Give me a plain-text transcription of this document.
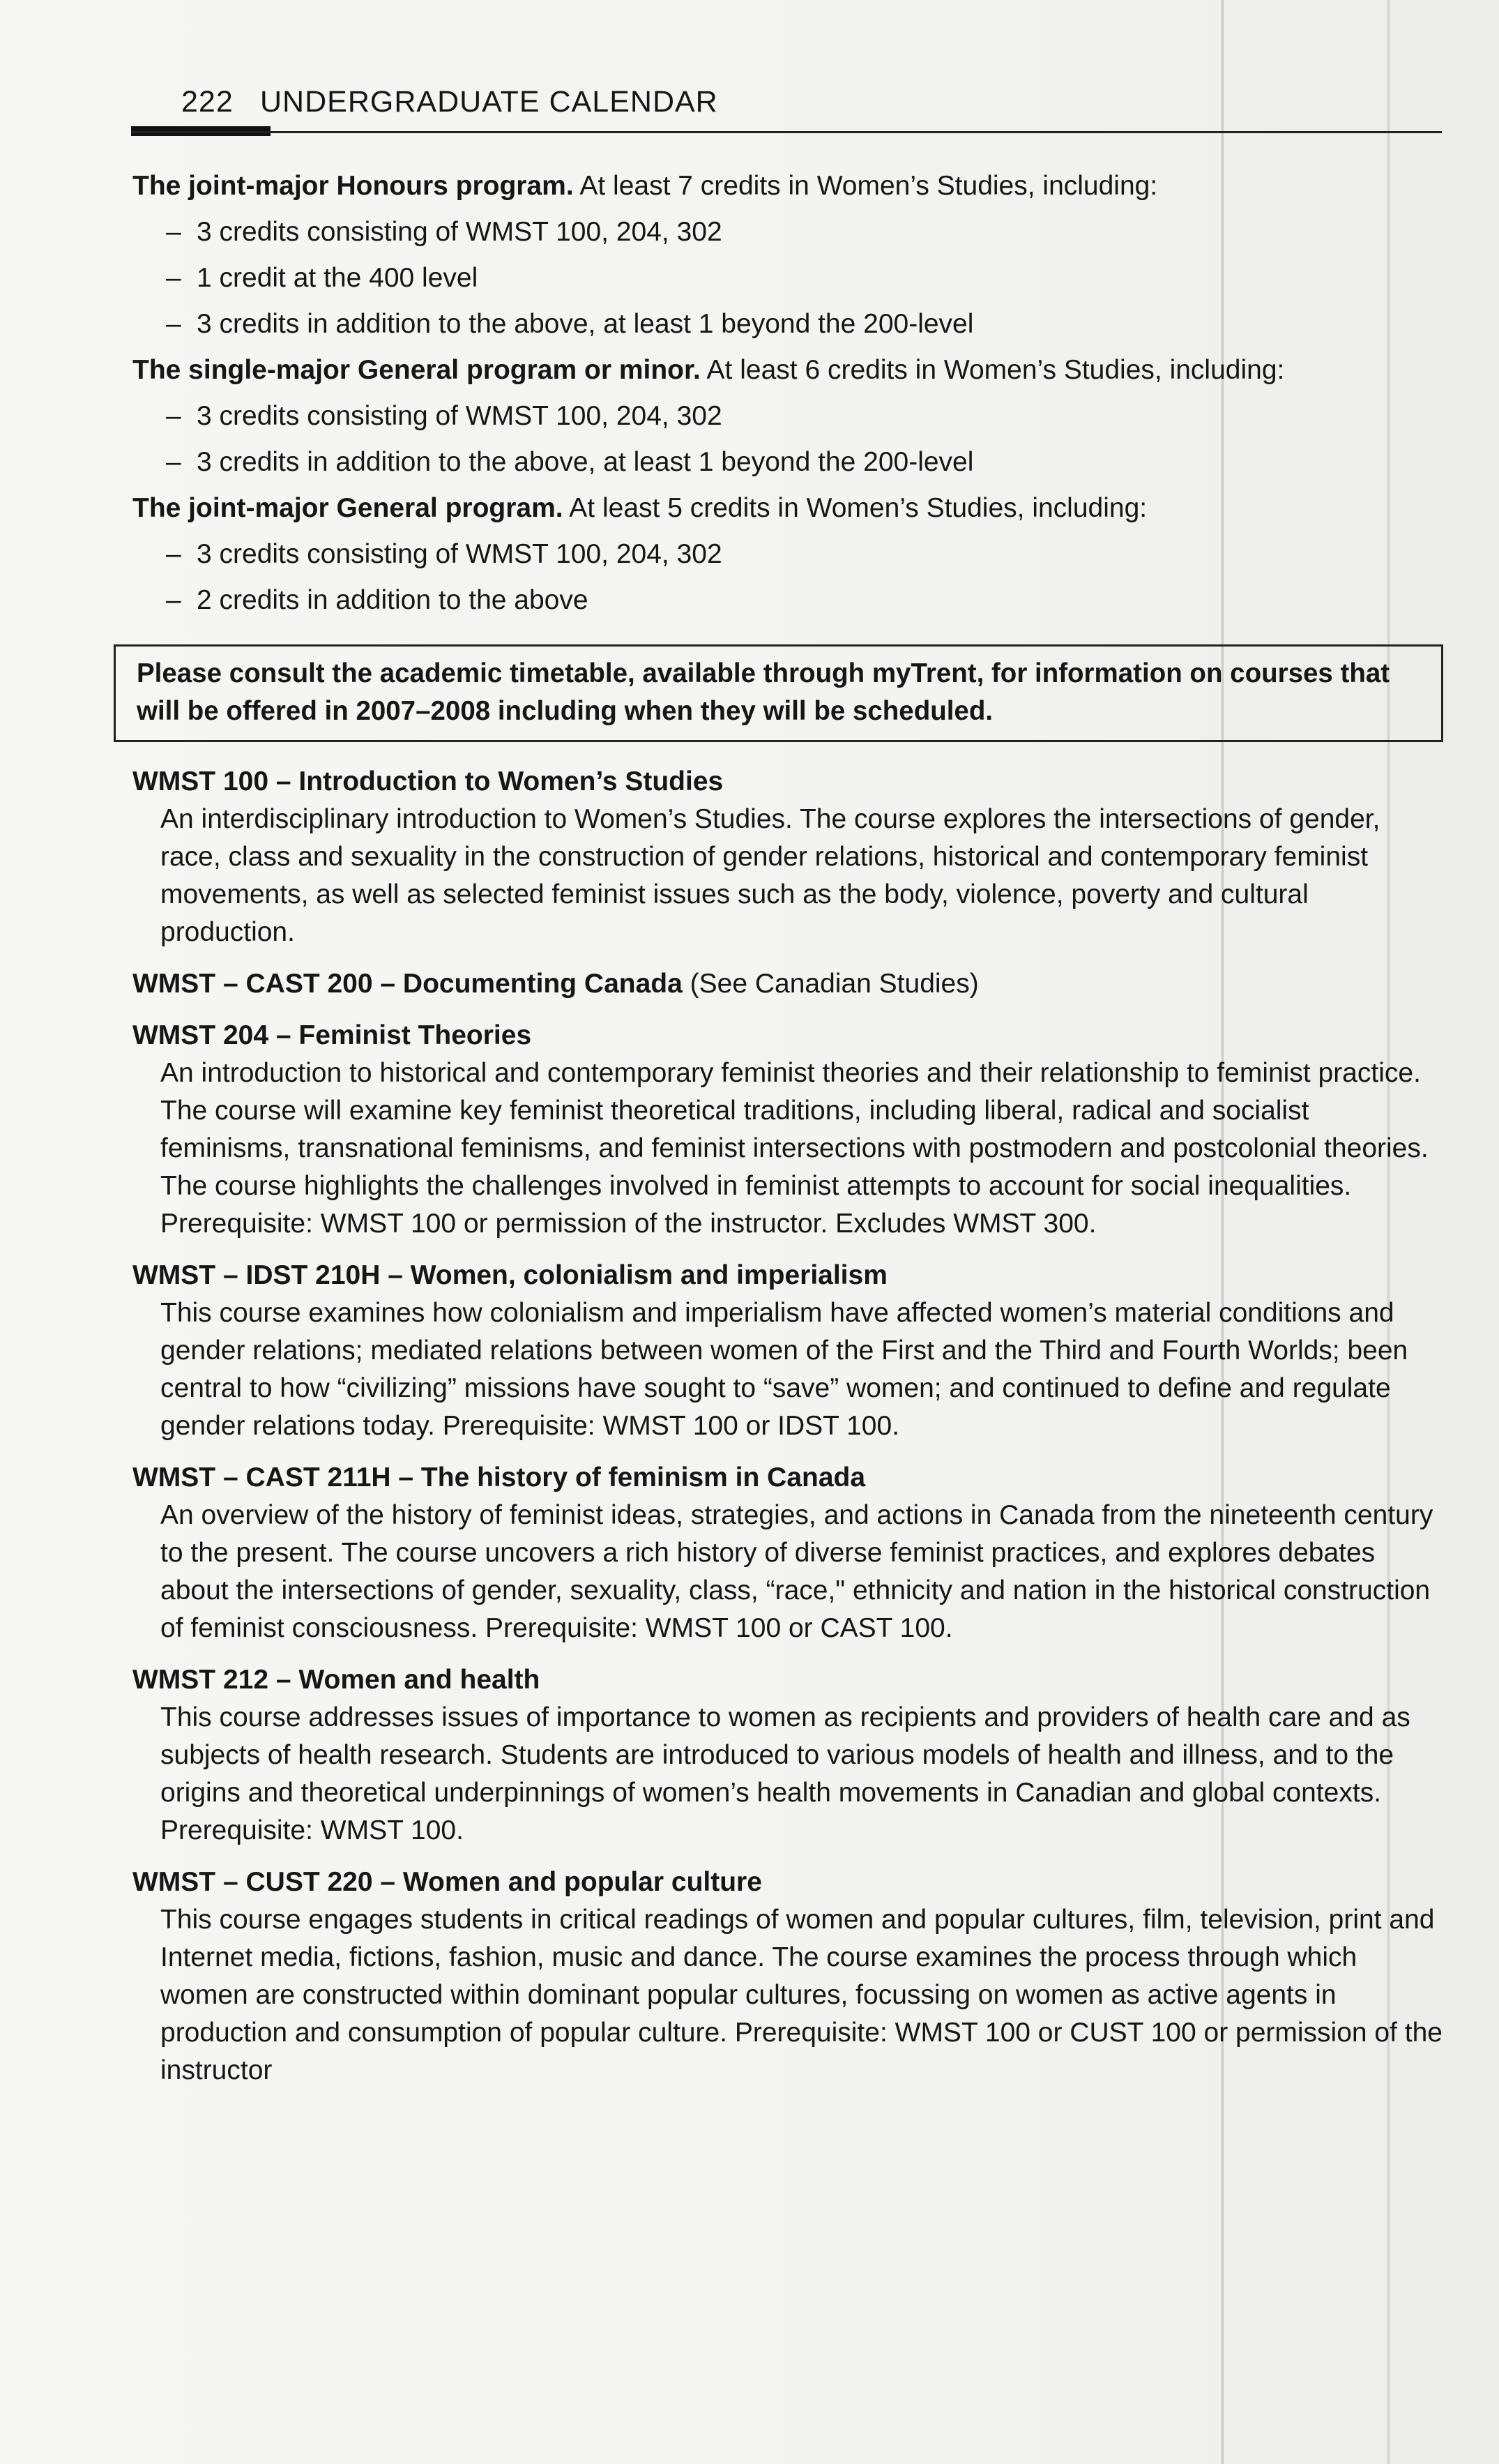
222 UNDERGRADUATE CALENDAR

The joint-major Honours program. At least 7 credits in Women’s Studies, including:

– 3 credits consisting of WMST 100, 204, 302
– 1 credit at the 400 level
– 3 credits in addition to the above, at least 1 beyond the 200-level

The single-major General program or minor. At least 6 credits in Women’s Studies, including:

– 3 credits consisting of WMST 100, 204, 302
– 3 credits in addition to the above, at least 1 beyond the 200-level

The joint-major General program. At least 5 credits in Women’s Studies, including:

– 3 credits consisting of WMST 100, 204, 302
– 2 credits in addition to the above
Please consult the academic timetable, available through myTrent, for information on courses that will be offered in 2007–2008 including when they will be scheduled.

WMST 100 – Introduction to Women’s Studies

An interdisciplinary introduction to Women’s Studies. The course explores the intersections of gender, race, class and sexuality in the construction of gender relations, historical and contemporary feminist movements, as well as selected feminist issues such as the body, violence, poverty and cultural production.

WMST – CAST 200 – Documenting Canada (See Canadian Studies)

WMST 204 – Feminist Theories

An introduction to historical and contemporary feminist theories and their relationship to feminist practice. The course will examine key feminist theoretical traditions, including liberal, radical and socialist feminisms, transnational feminisms, and feminist intersections with postmodern and postcolonial theories. The course highlights the challenges involved in feminist attempts to account for social inequalities. Prerequisite: WMST 100 or permission of the instructor. Excludes WMST 300.

WMST – IDST 210H – Women, colonialism and imperialism

This course examines how colonialism and imperialism have affected women’s material conditions and gender relations; mediated relations between women of the First and the Third and Fourth Worlds; been central to how “civilizing” missions have sought to “save” women; and continued to define and regulate gender relations today. Prerequisite: WMST 100 or IDST 100.

WMST – CAST 211H – The history of feminism in Canada

An overview of the history of feminist ideas, strategies, and actions in Canada from the nineteenth century to the present. The course uncovers a rich history of diverse feminist practices, and explores debates about the intersections of gender, sexuality, class, “race," ethnicity and nation in the historical construction of feminist consciousness. Prerequisite: WMST 100 or CAST 100.

WMST 212 – Women and health

This course addresses issues of importance to women as recipients and providers of health care and as subjects of health research. Students are introduced to various models of health and illness, and to the origins and theoretical underpinnings of women’s health movements in Canadian and global contexts. Prerequisite: WMST 100.

WMST – CUST 220 – Women and popular culture

This course engages students in critical readings of women and popular cultures, film, television, print and Internet media, fictions, fashion, music and dance. The course examines the process through which women are constructed within dominant popular cultures, focussing on women as active agents in production and consumption of popular culture. Prerequisite: WMST 100 or CUST 100 or permission of the instructor
